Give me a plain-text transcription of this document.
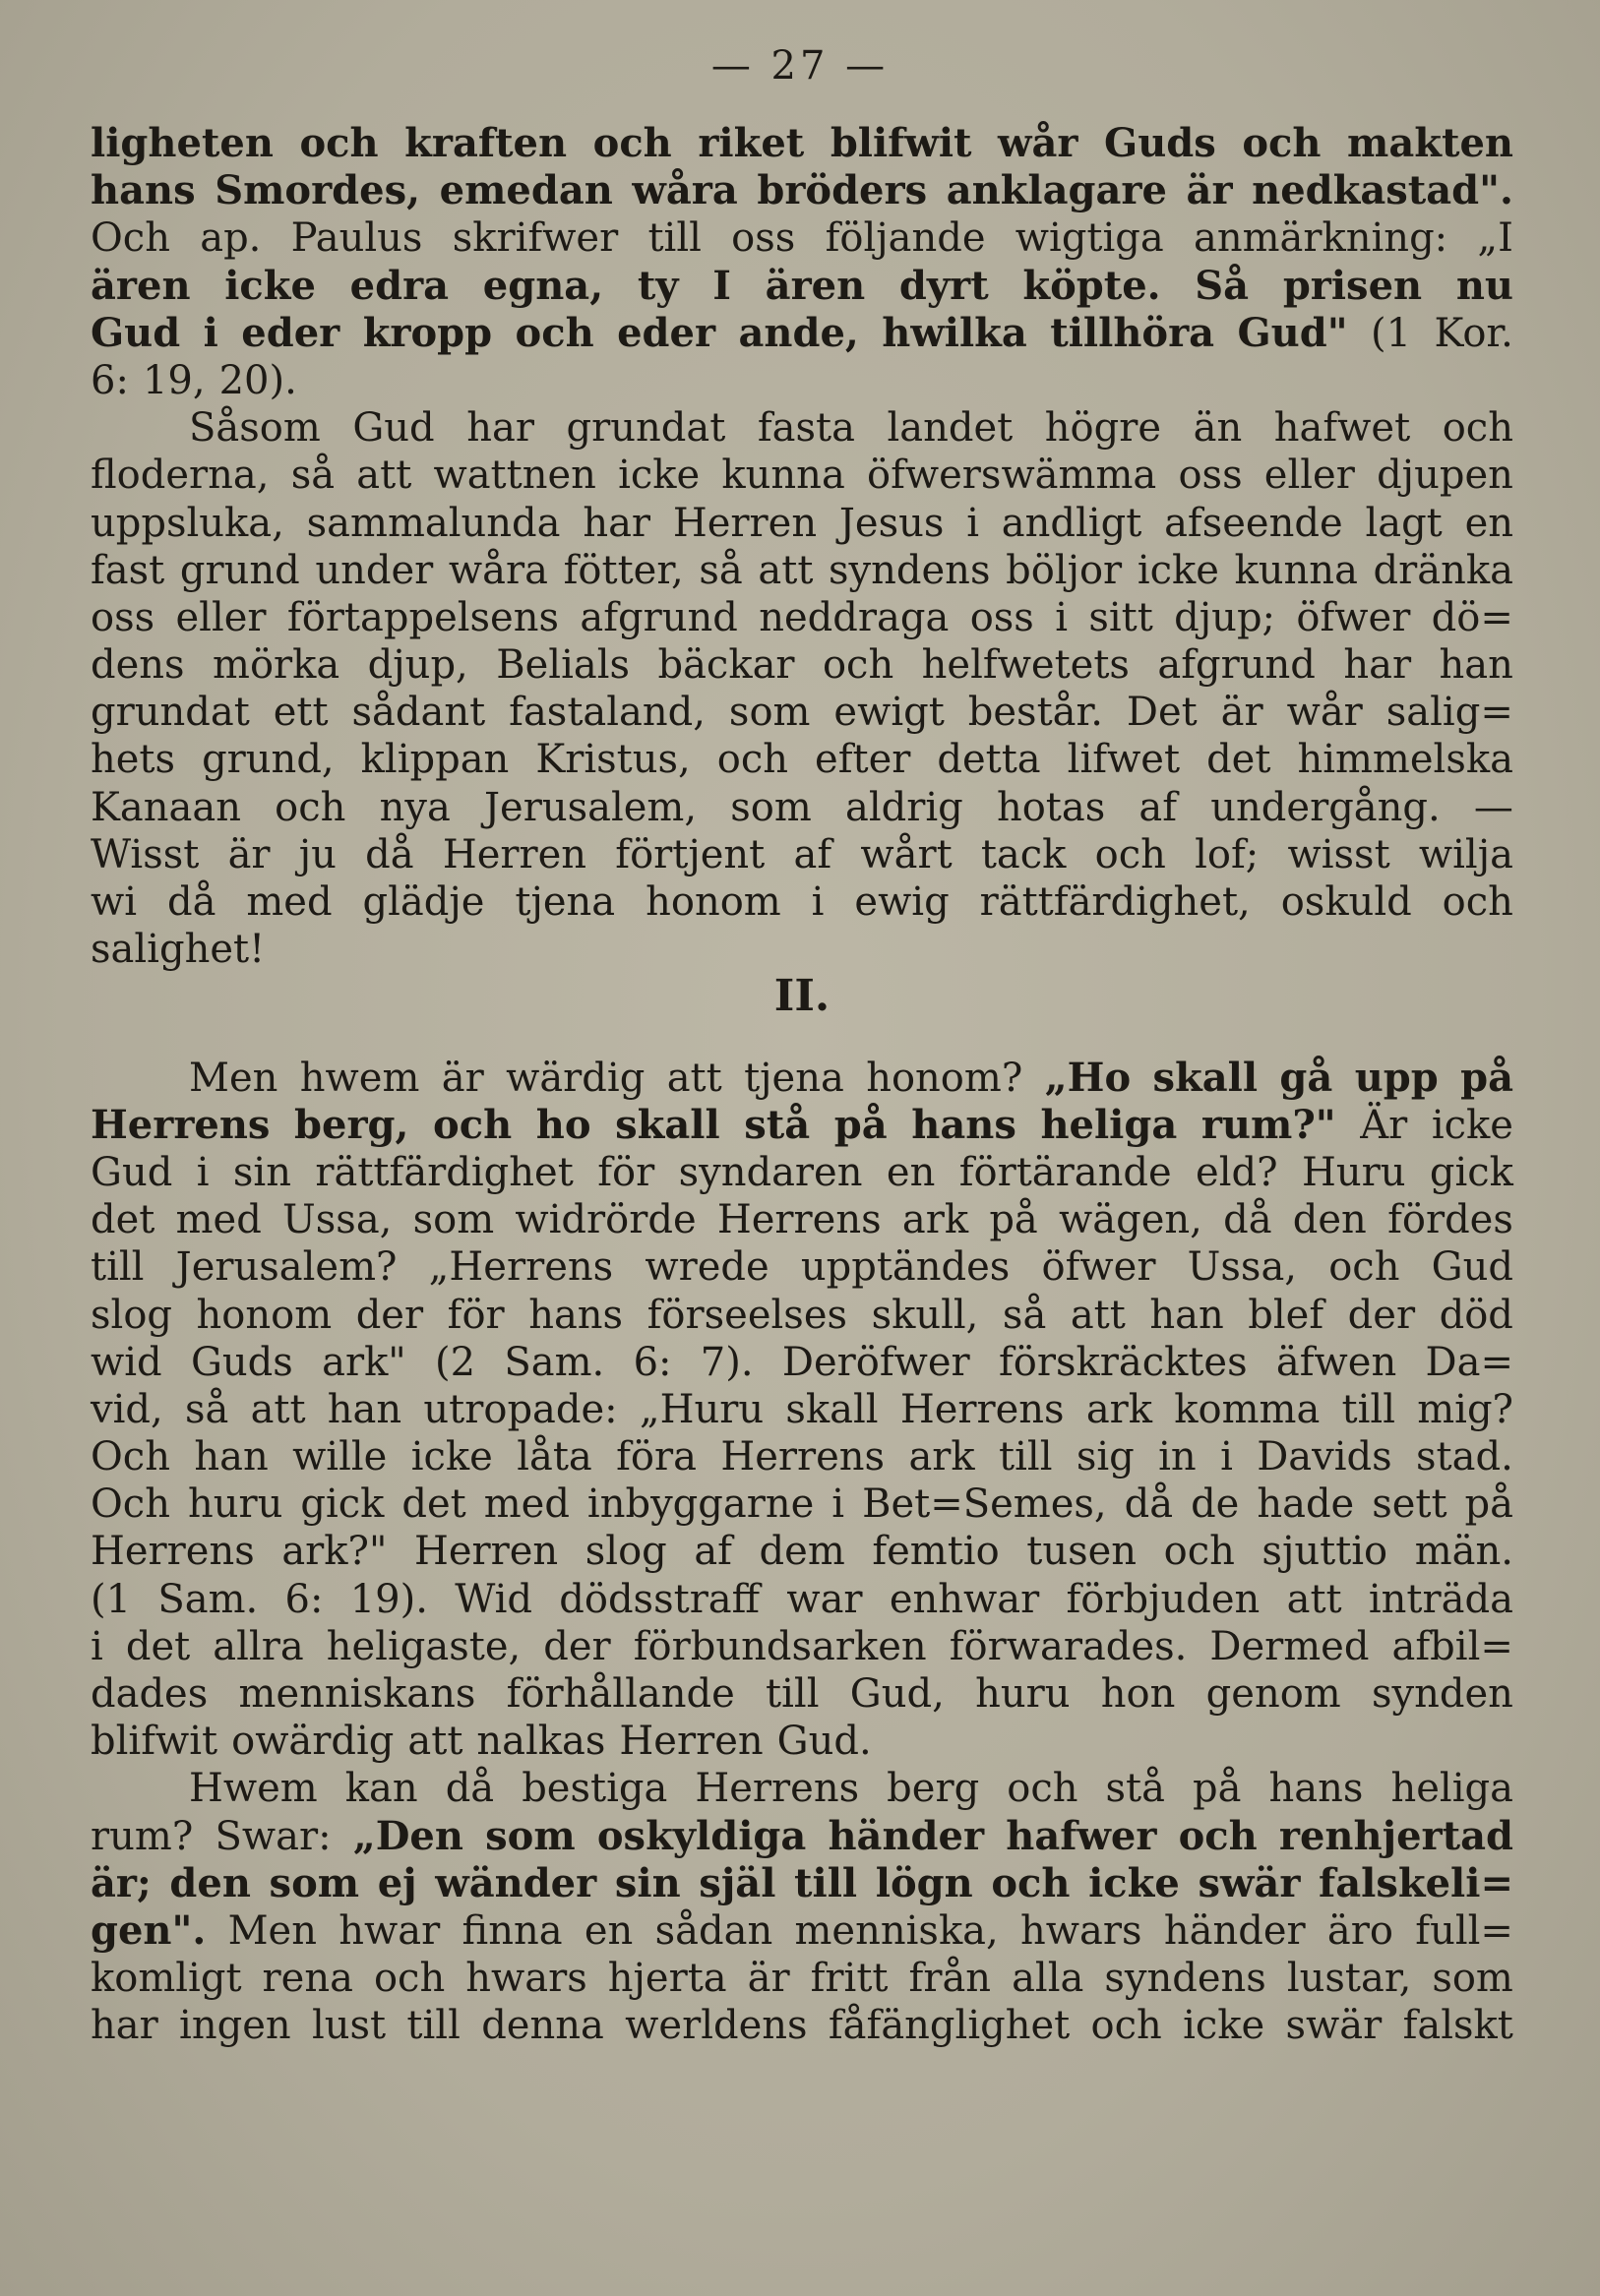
— 27 —
ligheten och kraften och riket blifwit wår Guds och makten
hans Smordes, emedan wåra bröders anklagare är nedkastad".
Och ap. Paulus skrifwer till oss följande wigtiga anmärkning: „I
ären icke edra egna, ty I ären dyrt köpte. Så prisen nu
Gud i eder kropp och eder ande, hwilka tillhöra Gud" (1 Kor.
6: 19, 20).
Såsom Gud har grundat fasta landet högre än hafwet och
floderna, så att wattnen icke kunna öfwerswämma oss eller djupen
uppsluka, sammalunda har Herren Jesus i andligt afseende lagt en
fast grund under wåra fötter, så att syndens böljor icke kunna dränka
oss eller förtappelsens afgrund neddraga oss i sitt djup; öfwer dö=
dens mörka djup, Belials bäckar och helfwetets afgrund har han
grundat ett sådant fastaland, som ewigt består. Det är wår salig=
hets grund, klippan Kristus, och efter detta lifwet det himmelska
Kanaan och nya Jerusalem, som aldrig hotas af undergång. —
Wisst är ju då Herren förtjent af wårt tack och lof; wisst wilja
wi då med glädje tjena honom i ewig rättfärdighet, oskuld och
salighet!
II.
Men hwem är wärdig att tjena honom? „Ho skall gå upp på
Herrens berg, och ho skall stå på hans heliga rum?" Är icke
Gud i sin rättfärdighet för syndaren en förtärande eld? Huru gick
det med Ussa, som widrörde Herrens ark på wägen, då den fördes
till Jerusalem? „Herrens wrede upptändes öfwer Ussa, och Gud
slog honom der för hans förseelses skull, så att han blef der död
wid Guds ark" (2 Sam. 6: 7). Deröfwer förskräcktes äfwen Da=
vid, så att han utropade: „Huru skall Herrens ark komma till mig?
Och han wille icke låta föra Herrens ark till sig in i Davids stad.
Och huru gick det med inbyggarne i Bet=Semes, då de hade sett på
Herrens ark?" Herren slog af dem femtio tusen och sjuttio män.
(1 Sam. 6: 19). Wid dödsstraff war enhwar förbjuden att inträda
i det allra heligaste, der förbundsarken förwarades. Dermed afbil=
dades menniskans förhållande till Gud, huru hon genom synden
blifwit owärdig att nalkas Herren Gud.
Hwem kan då bestiga Herrens berg och stå på hans heliga
rum? Swar: „Den som oskyldiga händer hafwer och renhjertad
är; den som ej wänder sin själ till lögn och icke swär falskeli=
gen". Men hwar finna en sådan menniska, hwars händer äro full=
komligt rena och hwars hjerta är fritt från alla syndens lustar, som
har ingen lust till denna werldens fåfänglighet och icke swär falskt
